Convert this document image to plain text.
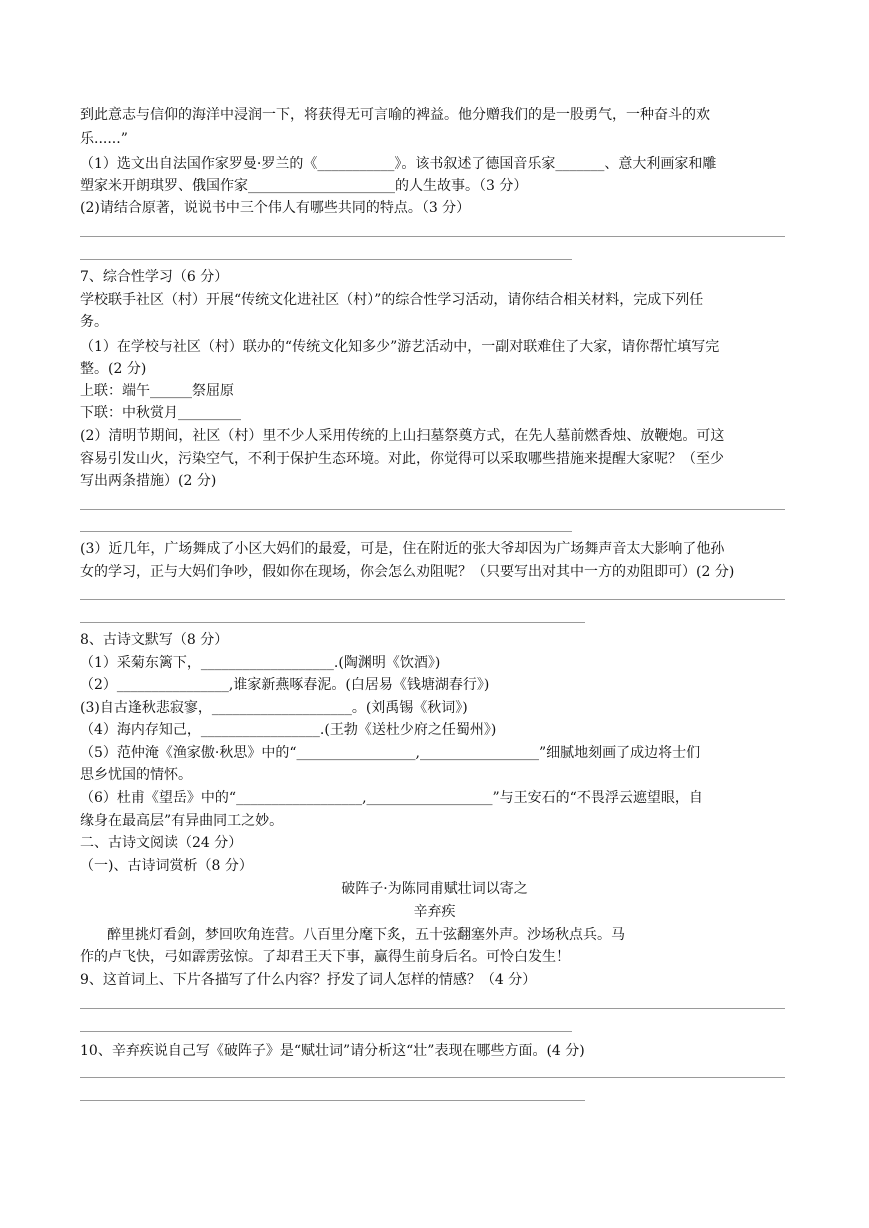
到此意志与信仰的海洋中浸润一下，将获得无可言喻的裨益。他分赠我们的是一股勇气，一种奋斗的欢
乐......”
（1）选文出自法国作家罗曼·罗兰的《___________》。该书叙述了德国音乐家_______、意大利画家和雕
塑家米开朗琪罗、俄国作家_____________________的人生故事。（3 分）
(2)请结合原著，说说书中三个伟人有哪些共同的特点。（3 分）
7、综合性学习（6 分）
学校联手社区（村）开展“传统文化进社区（村）”的综合性学习活动，请你结合相关材料，完成下列任
务。
（1）在学校与社区（村）联办的“传统文化知多少”游艺活动中，一副对联难住了大家，请你帮忙填写完
整。(2 分)
上联：端午______祭屈原
下联：中秋赏月_________
(2）清明节期间，社区（村）里不少人采用传统的上山扫墓祭奠方式，在先人墓前燃香烛、放鞭炮。可这
容易引发山火，污染空气，不利于保护生态环境。对此，你觉得可以采取哪些措施来提醒大家呢？（至少
写出两条措施）(2 分)
(3）近几年，广场舞成了小区大妈们的最爱，可是，住在附近的张大爷却因为广场舞声音太大影响了他孙
女的学习，正与大妈们争吵，假如你在现场，你会怎么劝阻呢？（只要写出对其中一方的劝阻即可）(2 分)
8、古诗文默写（8 分）
（1）采菊东篱下，___________________.(陶渊明《饮酒》)
（2）________________,谁家新燕啄春泥。(白居易《钱塘湖春行》)
(3)自古逢秋悲寂寥，____________________。(刘禹锡《秋词》)
（4）海内存知己，_________________.(王勃《送杜少府之任蜀州》)
（5）范仲淹《渔家傲·秋思》中的“_________________,_________________”细腻地刻画了成边将士们
思乡忧国的情怀。
（6）杜甫《望岳》中的“__________________,__________________”与王安石的“不畏浮云遮望眼，自
缘身在最高层”有异曲同工之妙。
二、古诗文阅读（24 分）
（一)、古诗词赏析（8 分）
破阵子·为陈同甫赋壮词以寄之
辛弃疾
醉里挑灯看剑，梦回吹角连营。八百里分麾下炙，五十弦翻塞外声。沙场秋点兵。马
作的卢飞快，弓如霹雳弦惊。了却君王天下事，赢得生前身后名。可怜白发生！
9、这首词上、下片各描写了什么内容？抒发了词人怎样的情感？（4 分）
10、辛弃疾说自己写《破阵子》是“赋壮词”请分析这“壮”表现在哪些方面。(4 分)
